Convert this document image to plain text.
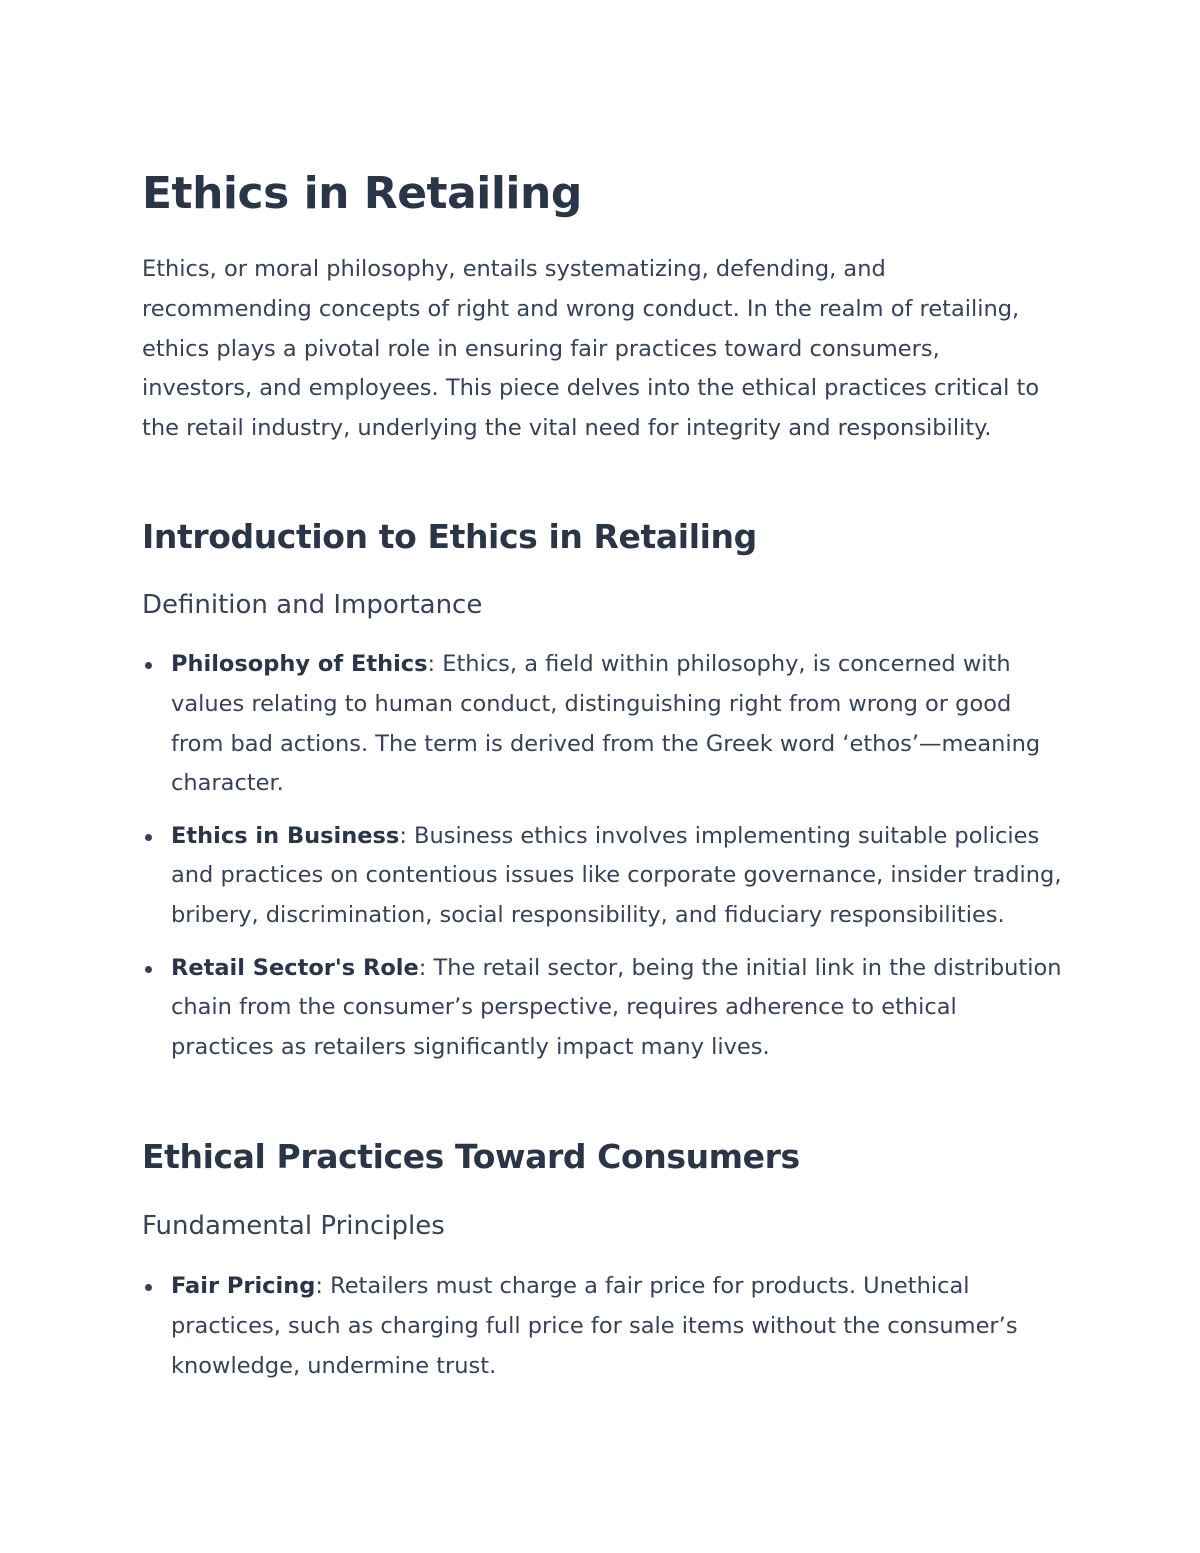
Ethics in Retailing

Ethics, or moral philosophy, entails systematizing, defending, and recommending concepts of right and wrong conduct. In the realm of retailing, ethics plays a pivotal role in ensuring fair practices toward consumers, investors, and employees. This piece delves into the ethical practices critical to the retail industry, underlying the vital need for integrity and responsibility.

Introduction to Ethics in Retailing
Definition and Importance
Philosophy of Ethics: Ethics, a field within philosophy, is concerned with values relating to human conduct, distinguishing right from wrong or good from bad actions. The term is derived from the Greek word ‘ethos’—meaning character.
Ethics in Business: Business ethics involves implementing suitable policies and practices on contentious issues like corporate governance, insider trading, bribery, discrimination, social responsibility, and fiduciary responsibilities.
Retail Sector's Role: The retail sector, being the initial link in the distribution chain from the consumer’s perspective, requires adherence to ethical practices as retailers significantly impact many lives.
Ethical Practices Toward Consumers
Fundamental Principles
Fair Pricing: Retailers must charge a fair price for products. Unethical practices, such as charging full price for sale items without the consumer’s knowledge, undermine trust.
